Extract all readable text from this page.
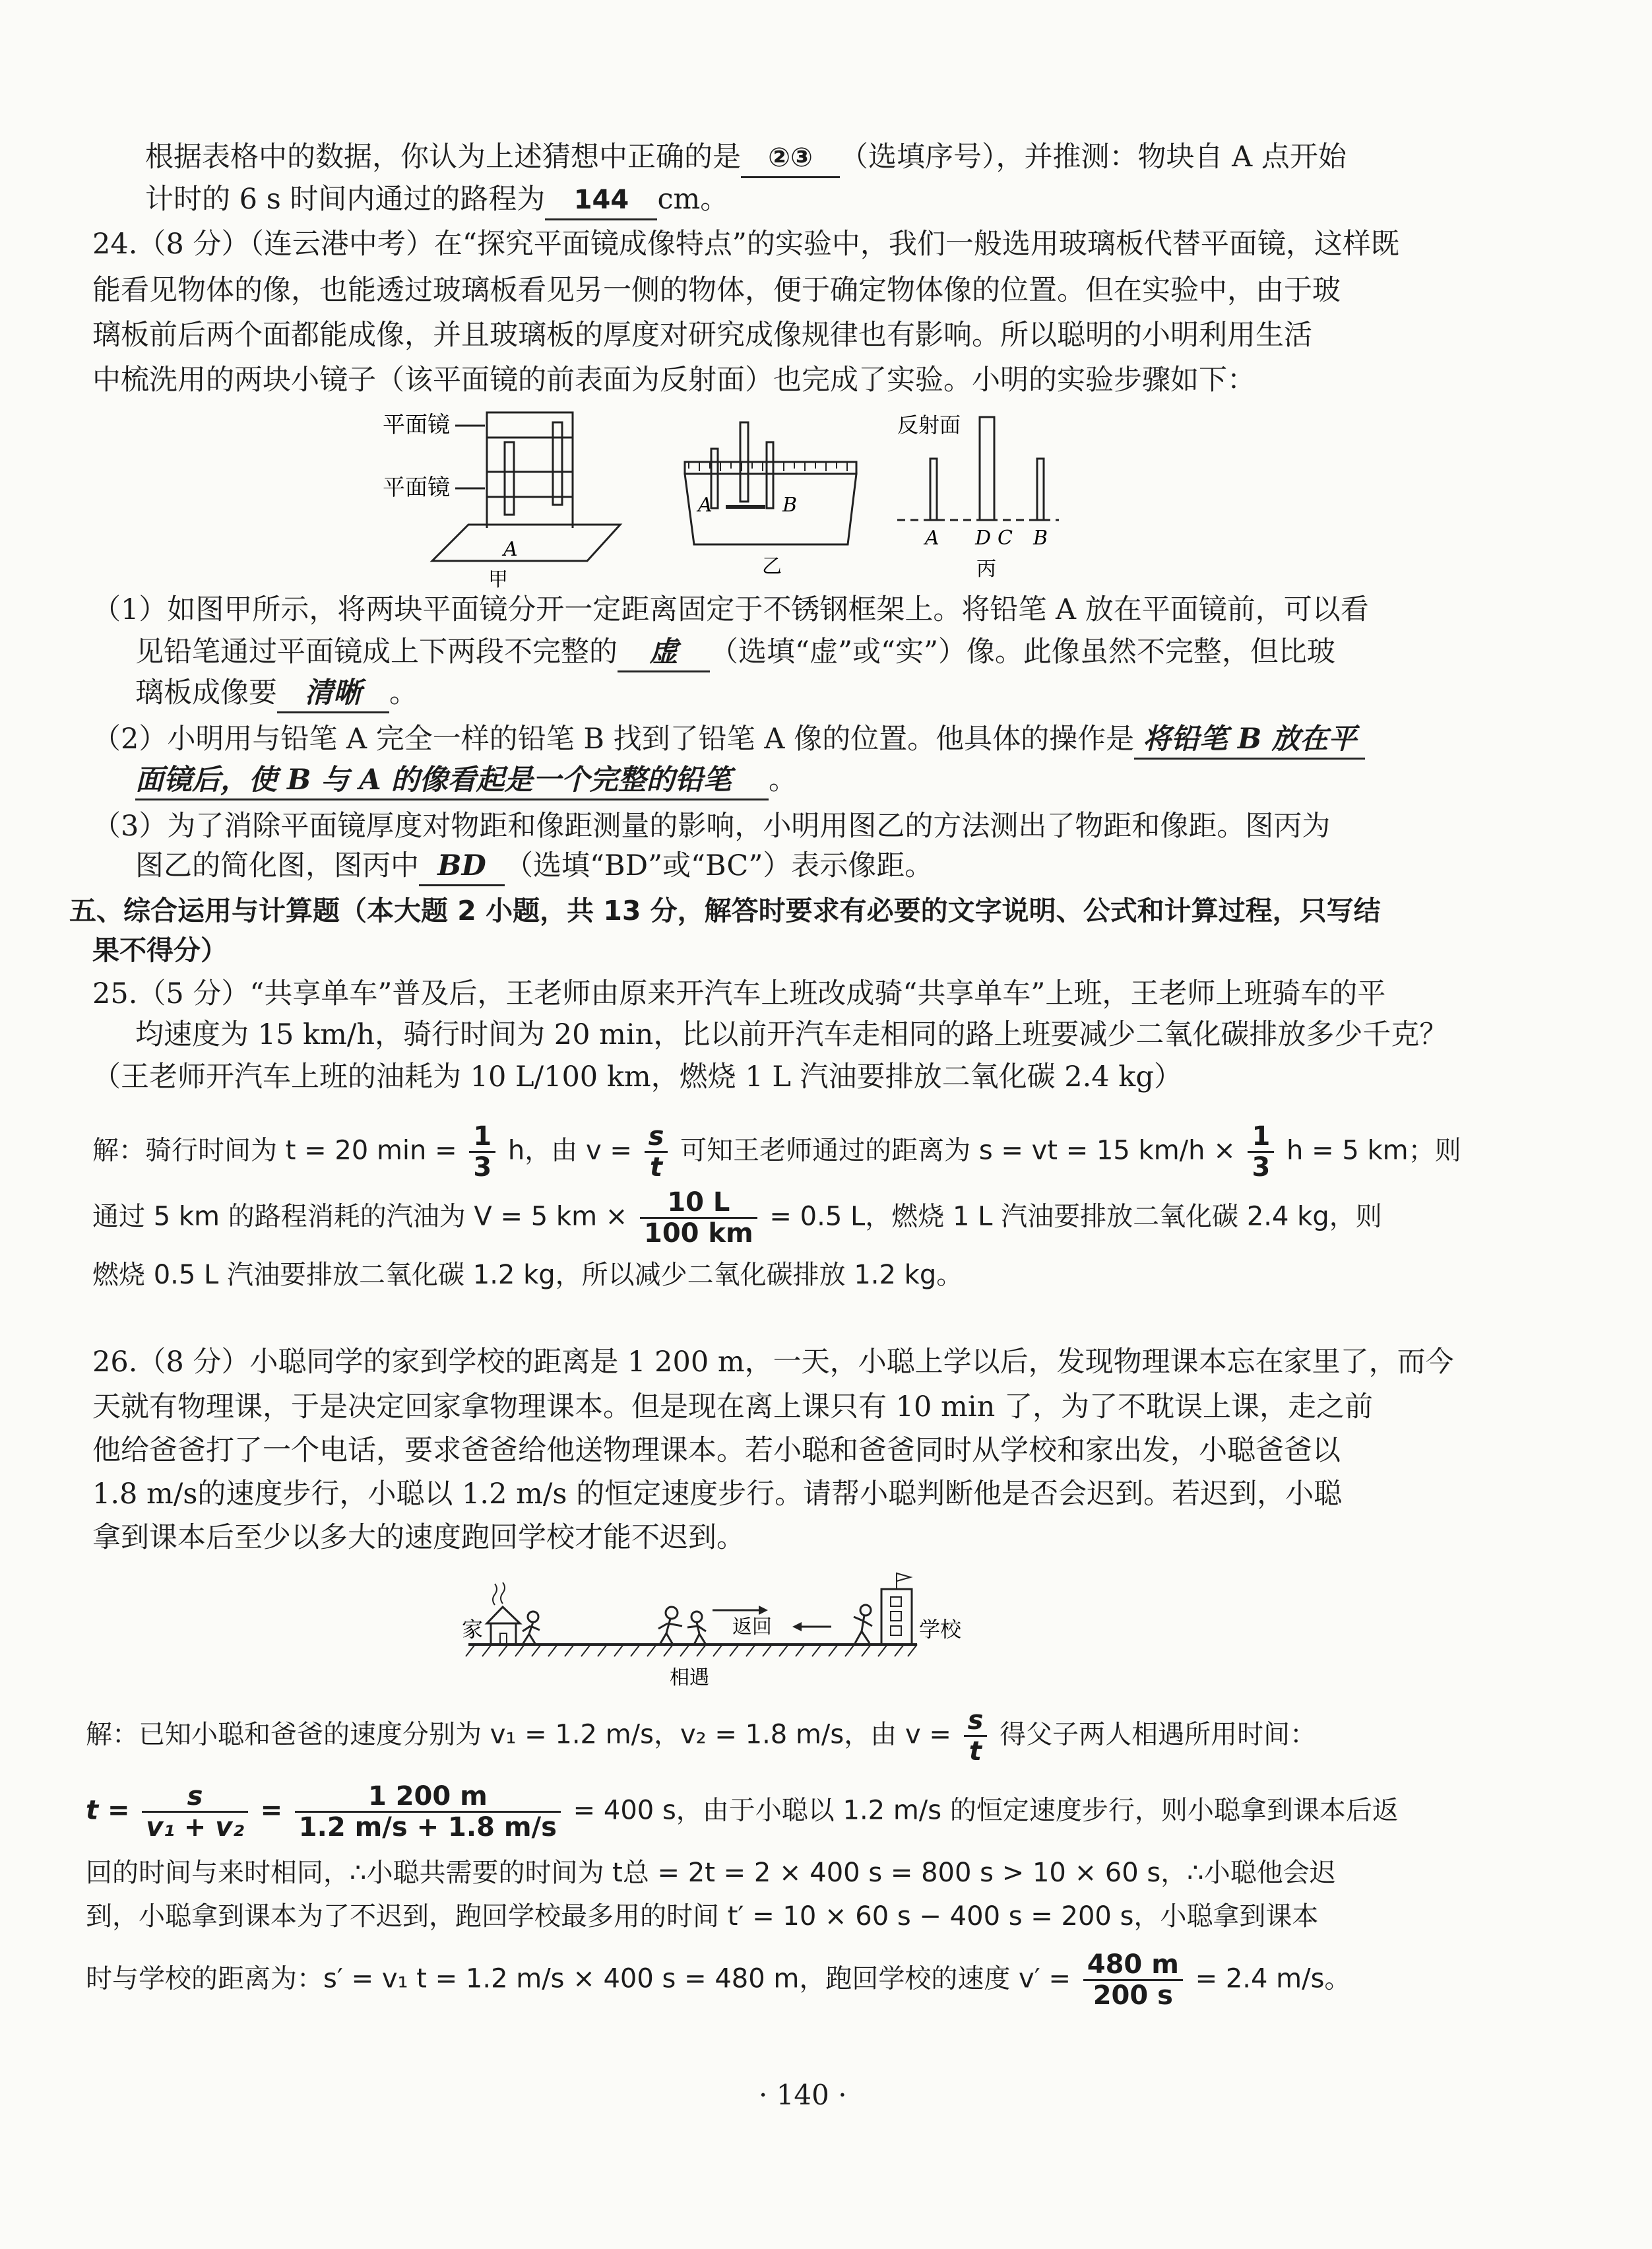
根据表格中的数据，你认为上述猜想中正确的是 ②③ （选填序号），并推测：物块自 A 点开始
计时的 6 s 时间内通过的路程为 144 cm。
24.（8 分）（连云港中考）在“探究平面镜成像特点”的实验中，我们一般选用玻璃板代替平面镜，这样既
能看见物体的像，也能透过玻璃板看见另一侧的物体，便于确定物体像的位置。但在实验中，由于玻
璃板前后两个面都能成像，并且玻璃板的厚度对研究成像规律也有影响。所以聪明的小明利用生活
中梳洗用的两块小镜子（该平面镜的前表面为反射面）也完成了实验。小明的实验步骤如下：
平面镜
平面镜
A
甲
A	B
乙
反射面
A D C B
丙
（1）如图甲所示，将两块平面镜分开一定距离固定于不锈钢框架上。将铅笔 A 放在平面镜前，可以看
见铅笔通过平面镜成上下两段不完整的 虚 （选填“虚”或“实”）像。此像虽然不完整，但比玻
璃板成像要 清晰 。
（2）小明用与铅笔 A 完全一样的铅笔 B 找到了铅笔 A 像的位置。他具体的操作是 将铅笔 B 放在平
面镜后，使 B 与 A 的像看起是一个完整的铅笔 。
（3）为了消除平面镜厚度对物距和像距测量的影响，小明用图乙的方法测出了物距和像距。图丙为
图乙的简化图，图丙中 BD （选填“BD”或“BC”）表示像距。
五、综合运用与计算题（本大题 2 小题，共 13 分，解答时要求有必要的文字说明、公式和计算过程，只写结
果不得分）
25.（5 分）“共享单车”普及后，王老师由原来开汽车上班改成骑“共享单车”上班，王老师上班骑车的平
均速度为 15 km/h，骑行时间为 20 min，比以前开汽车走相同的路上班要减少二氧化碳排放多少千克？
（王老师开汽车上班的油耗为 10 L/100 km，燃烧 1 L 汽油要排放二氧化碳 2.4 kg）
解：骑行时间为 t = 20 $\min = \frac{1}{3}$ h，由 $v = \frac{s}{t}$ 可知王老师通过的距离为 s = vt = 15 $km/h \times \frac{1}{3}$ h = 5 km；则
通过 5 km 的路程消耗的汽油为 V = 5 km × $\frac{10 L}{100 km} = 0.5$ L，燃烧 1 L 汽油要排放二氧化碳 2.4 kg，则
燃烧 0.5 L 汽油要排放二氧化碳 1.2 kg，所以减少二氧化碳排放 1.2 kg。
26.（8 分）小聪同学的家到学校的距离是 1 200 m，一天，小聪上学以后，发现物理课本忘在家里了，而今
天就有物理课，于是决定回家拿物理课本。但是现在离上课只有 10 min 了，为了不耽误上课，走之前
他给爸爸打了一个电话，要求爸爸给他送物理课本。若小聪和爸爸同时从学校和家出发，小聪爸爸以
1.8 m/s的速度步行，小聪以 1.2 m/s 的恒定速度步行。请帮小聪判断他是否会迟到。若迟到，小聪
拿到课本后至少以多大的速度跑回学校才能不迟到。
家	学校
相遇
返回
解：已知小聪和爸爸的速度分别为 v₁ = 1.2 m/s，v₂ = 1.8 m/s，由 $v = \frac{s}{t}$ 得父子两人相遇所用时间：
$t = \frac{s}{\text{v₁ + v₂}} = \frac{1 200 m}{1.2 m/s + 1.8 m/s} = 400$ s，由于小聪以 1.2 m/s 的恒定速度步行，则小聪拿到课本后返
回的时间与来时相同，∴小聪共需要的时间为 t总 = 2t = 2 × 400 s = 800 s > 10 × 60 s，∴小聪他会迟
到，小聪拿到课本为了不迟到，跑回学校最多用的时间 t′ = 10 × 60 s − 400 s = 200 s，小聪拿到课本
时与学校的距离为：s′ = v₁ t = 1.2 m/s × 400 s = 480 m，跑回学校的速度 $v' = \frac{480 m}{200 s} = 2.4$ m/s。
· 140 ·
